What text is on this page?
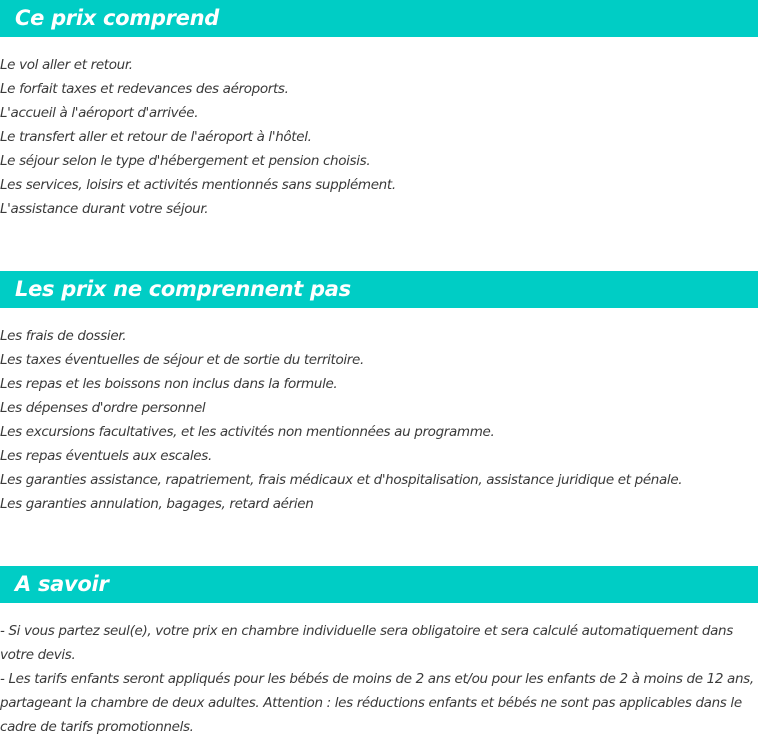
Ce prix comprend
Le vol aller et retour.
Le forfait taxes et redevances des aéroports.
L'accueil à l'aéroport d'arrivée.
Le transfert aller et retour de l'aéroport à l'hôtel.
Le séjour selon le type d'hébergement et pension choisis.
Les services, loisirs et activités mentionnés sans supplément.
L'assistance durant votre séjour.
Les prix ne comprennent pas
Les frais de dossier.
Les taxes éventuelles de séjour et de sortie du territoire.
Les repas et les boissons non inclus dans la formule.
Les dépenses d'ordre personnel
Les excursions facultatives, et les activités non mentionnées au programme.
Les repas éventuels aux escales.
Les garanties assistance, rapatriement, frais médicaux et d'hospitalisation, assistance juridique et pénale.
Les garanties annulation, bagages, retard aérien
A savoir

- Si vous partez seul(e), votre prix en chambre individuelle sera obligatoire et sera calculé automatiquement dans votre devis.

- Les tarifs enfants seront appliqués pour les bébés de moins de 2 ans et/ou pour les enfants de 2 à moins de 12 ans, partageant la chambre de deux adultes. Attention : les réductions enfants et bébés ne sont pas applicables dans le cadre de tarifs promotionnels.
